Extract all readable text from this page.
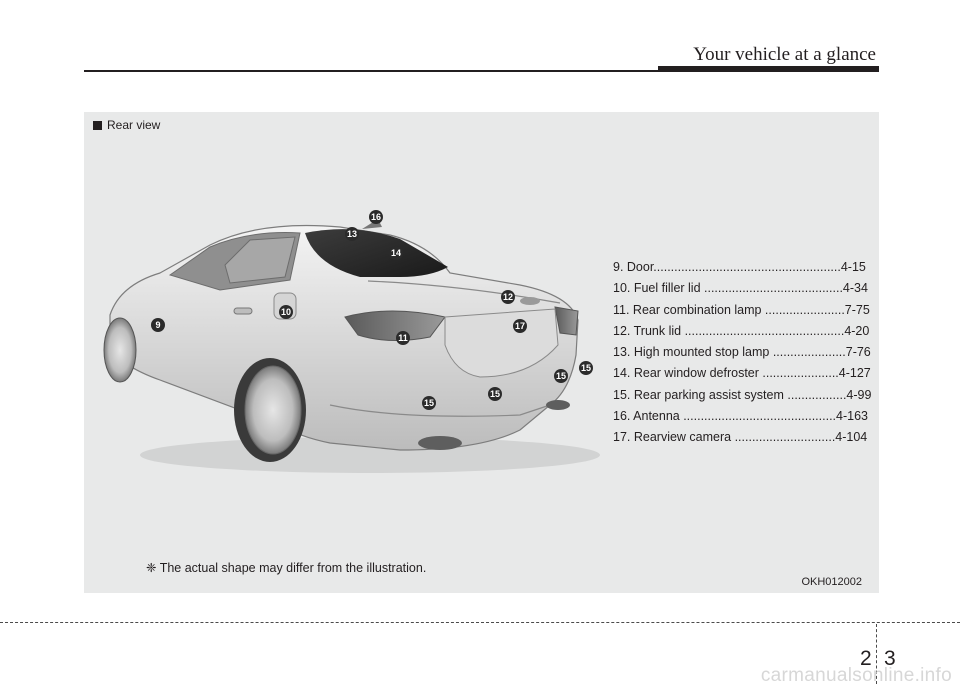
Your vehicle at a glance
Rear view
9
10
11
12
13
14
15
15
15
15
16
17
9. Door......................................................4-15
10. Fuel filler lid ........................................4-34
11. Rear combination lamp .......................7-75
12. Trunk lid ..............................................4-20
13. High mounted stop lamp .....................7-76
14. Rear window defroster ......................4-127
15. Rear parking assist system .................4-99
16. Antenna ............................................4-163
17. Rearview camera .............................4-104
❈ The actual shape may differ from the illustration.
OKH012002
2 3
carmanualsonline.info
